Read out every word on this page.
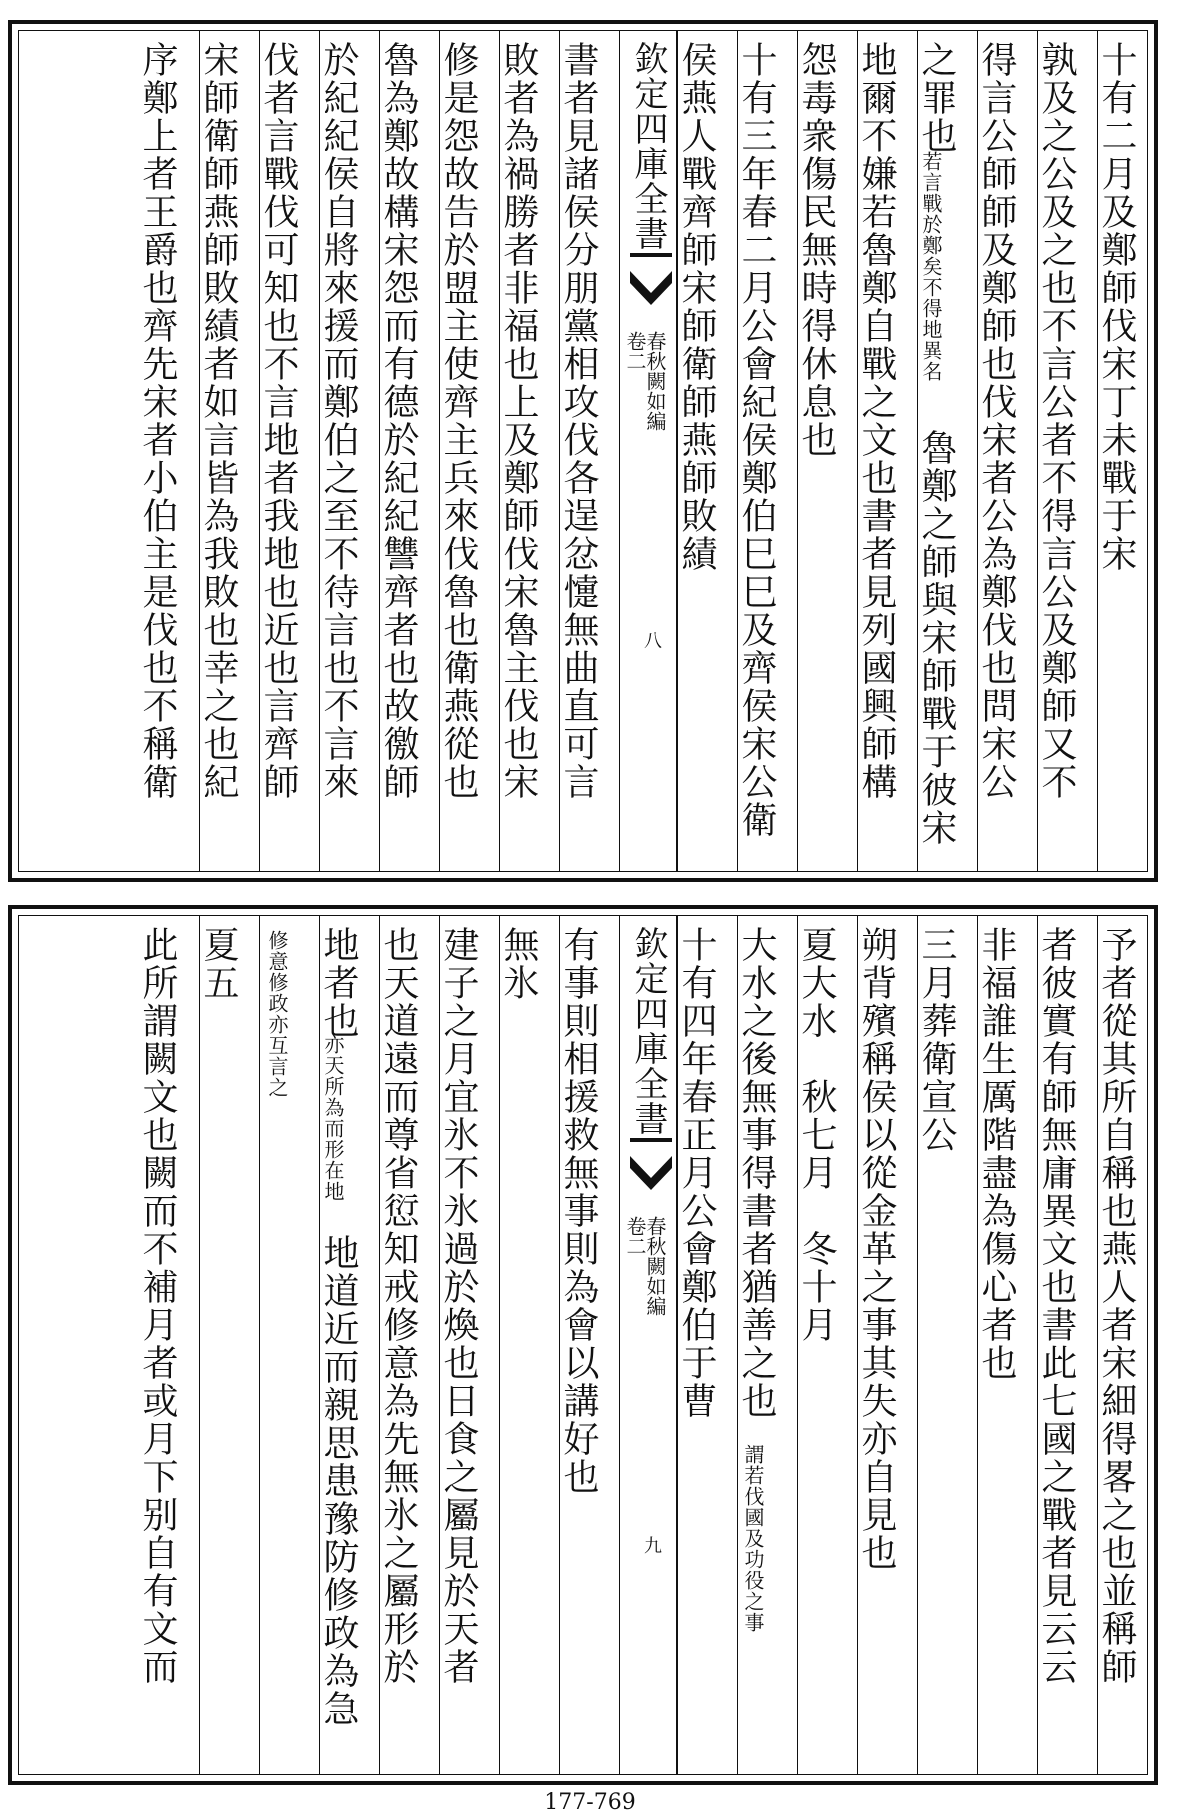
十有二月及鄭師伐宋丁未戰于宋
孰及之公及之也不言公者不得言公及鄭師又不
得言公師師及鄭師也伐宋者公為鄭伐也問宋公
之罪也
若言戰於鄭矣不得地異名
魯鄭之師與宋師戰于彼宋
地爾不嫌若魯鄭自戰之文也書者見列國興師構
怨毒衆傷民無時得休息也
十有三年春二月公會紀侯鄭伯巳巳及齊侯宋公衛
侯燕人戰齊師宋師衛師燕師敗績
欽定四庫全書
春秋闕如編
卷二
八
書者見諸侯分朋黨相攻伐各逞忿懥無曲直可言
敗者為禍勝者非福也上及鄭師伐宋魯主伐也宋
修是怨故告於盟主使齊主兵來伐魯也衛燕從也
魯為鄭故構宋怨而有德於紀紀讐齊者也故徼師
於紀紀侯自將來援而鄭伯之至不待言也不言來
伐者言戰伐可知也不言地者我地也近也言齊師
宋師衛師燕師敗績者如言皆為我敗也幸之也紀
序鄭上者王爵也齊先宋者小伯主是伐也不稱衛
予者從其所自稱也燕人者宋細得畧之也並稱師
者彼實有師無庸異文也書此七國之戰者見云云
非福誰生厲階盡為傷心者也
三月葬衛宣公
朔背殯稱侯以從金革之事其失亦自見也
夏大水　秋七月　冬十月
大水之後無事得書者猶善之也
謂若伐國及功役之事
十有四年春正月公會鄭伯于曹
欽定四庫全書
春秋闕如編
卷二
九
有事則相援救無事則為會以講好也
無氷
建子之月宜氷不氷過於煥也日食之屬見於天者
也天道遠而尊省愆知戒修意為先無氷之屬形於
地者也
亦天所為而形在地
地道近而親思患豫防修政為急
修意修政亦互言之
夏五
此所謂闕文也闕而不補月者或月下别自有文而
177-769
